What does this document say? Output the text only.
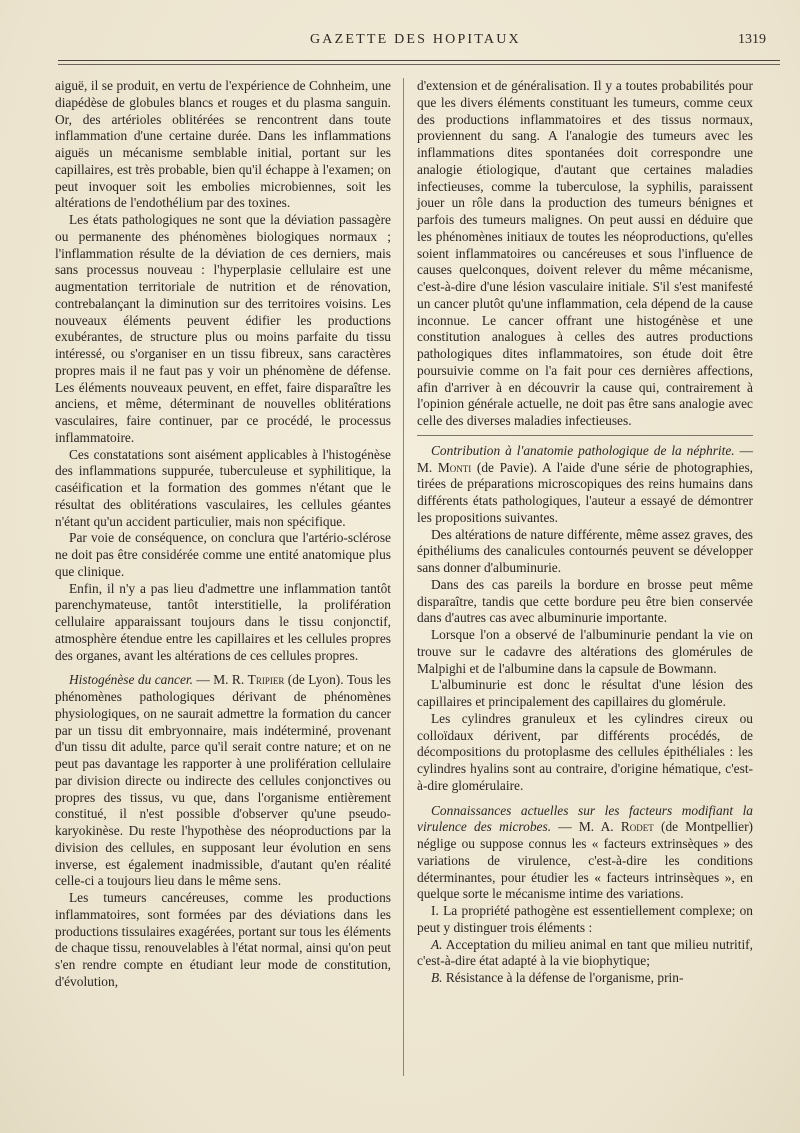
GAZETTE DES HOPITAUX	1319

aiguë, il se produit, en vertu de l'expérience de Cohnheim, une diapédèse de globules blancs et rouges et du plasma sanguin. Or, des artérioles oblitérées se rencontrent dans toute inflammation d'une certaine durée. Dans les inflammations aiguës un mécanisme semblable initial, portant sur les capillaires, est très probable, bien qu'il échappe à l'examen; on peut invoquer soit les embolies microbiennes, soit les altérations de l'endothélium par des toxines.

Les états pathologiques ne sont que la déviation passagère ou permanente des phénomènes biologiques normaux ; l'inflammation résulte de la déviation de ces derniers, mais sans processus nouveau : l'hyperplasie cellulaire est une augmentation territoriale de nutrition et de rénovation, contrebalançant la diminution sur des territoires voisins. Les nouveaux éléments peuvent édifier les productions exubérantes, de structure plus ou moins parfaite du tissu intéressé, ou s'organiser en un tissu fibreux, sans caractères propres mais il ne faut pas y voir un phénomène de défense. Les éléments nouveaux peuvent, en effet, faire disparaître les anciens, et même, déterminant de nouvelles oblitérations vasculaires, faire continuer, par ce procédé, le processus inflammatoire.

Ces constatations sont aisément applicables à l'histogénèse des inflammations suppurée, tuberculeuse et syphilitique, la caséification et la formation des gommes n'étant que le résultat des oblitérations vasculaires, les cellules géantes n'étant qu'un accident particulier, mais non spécifique.

Par voie de conséquence, on conclura que l'artério-sclérose ne doit pas être considérée comme une entité anatomique plus que clinique.

Enfin, il n'y a pas lieu d'admettre une inflammation tantôt parenchymateuse, tantôt interstitielle, la prolifération cellulaire apparaissant toujours dans le tissu conjonctif, atmosphère étendue entre les capillaires et les cellules propres des organes, avant les altérations de ces cellules propres.

Histogénèse du cancer. — M. R. Tripier (de Lyon). Tous les phénomènes pathologiques dérivant de phénomènes physiologiques, on ne saurait admettre la formation du cancer par un tissu dit embryonnaire, mais indéterminé, provenant d'un tissu dit adulte, parce qu'il serait contre nature; et on ne peut pas davantage les rapporter à une prolifération cellulaire par division directe ou indirecte des cellules conjonctives ou propres des tissus, vu que, dans l'organisme entièrement constitué, il n'est possible d'observer qu'une pseudo-karyokinèse. Du reste l'hypothèse des néoproductions par la division des cellules, en supposant leur évolution en sens inverse, est également inadmissible, d'autant qu'en réalité celle-ci a toujours lieu dans le même sens.

Les tumeurs cancéreuses, comme les productions inflammatoires, sont formées par des déviations dans les productions tissulaires exagérées, portant sur tous les éléments de chaque tissu, renouvelables à l'état normal, ainsi qu'on peut s'en rendre compte en étudiant leur mode de constitution, d'évolution,

d'extension et de généralisation. Il y a toutes probabilités pour que les divers éléments constituant les tumeurs, comme ceux des productions inflammatoires et des tissus normaux, proviennent du sang. A l'analogie des tumeurs avec les inflammations dites spontanées doit correspondre une analogie étiologique, d'autant que certaines maladies infectieuses, comme la tuberculose, la syphilis, paraissent jouer un rôle dans la production des tumeurs bénignes et parfois des tumeurs malignes. On peut aussi en déduire que les phénomènes initiaux de toutes les néoproductions, qu'elles soient inflammatoires ou cancéreuses et sous l'influence de causes quelconques, doivent relever du même mécanisme, c'est-à-dire d'une lésion vasculaire initiale. S'il s'est manifesté un cancer plutôt qu'une inflammation, cela dépend de la cause inconnue. Le cancer offrant une histogénèse et une constitution analogues à celles des autres productions pathologiques dites inflammatoires, son étude doit être poursuivie comme on l'a fait pour ces dernières affections, afin d'arriver à en découvrir la cause qui, contrairement à l'opinion générale actuelle, ne doit pas être sans analogie avec celle des diverses maladies infectieuses.

Contribution à l'anatomie pathologique de la néphrite. — M. Monti (de Pavie). A l'aide d'une série de photographies, tirées de préparations microscopiques des reins humains dans différents états pathologiques, l'auteur a essayé de démontrer les propositions suivantes.

Des altérations de nature différente, même assez graves, des épithéliums des canalicules contournés peuvent se développer sans donner d'albuminurie.

Dans des cas pareils la bordure en brosse peut même disparaître, tandis que cette bordure peu être bien conservée dans d'autres cas avec albuminurie importante.

Lorsque l'on a observé de l'albuminurie pendant la vie on trouve sur le cadavre des altérations des glomérules de Malpighi et de l'albumine dans la capsule de Bowmann.

L'albuminurie est donc le résultat d'une lésion des capillaires et principalement des capillaires du glomérule.

Les cylindres granuleux et les cylindres cireux ou colloïdaux dérivent, par différents procédés, de décompositions du protoplasme des cellules épithéliales : les cylindres hyalins sont au contraire, d'origine hématique, c'est-à-dire glomérulaire.

Connaissances actuelles sur les facteurs modifiant la virulence des microbes. — M. A. Rodet (de Montpellier) néglige ou suppose connus les « facteurs extrinsèques » des variations de virulence, c'est-à-dire les conditions déterminantes, pour étudier les « facteurs intrinsèques », en quelque sorte le mécanisme intime des variations.

I. La propriété pathogène est essentiellement complexe; on peut y distinguer trois éléments :

A. Acceptation du milieu animal en tant que milieu nutritif, c'est-à-dire état adapté à la vie biophytique;

B. Résistance à la défense de l'organisme, prin-
